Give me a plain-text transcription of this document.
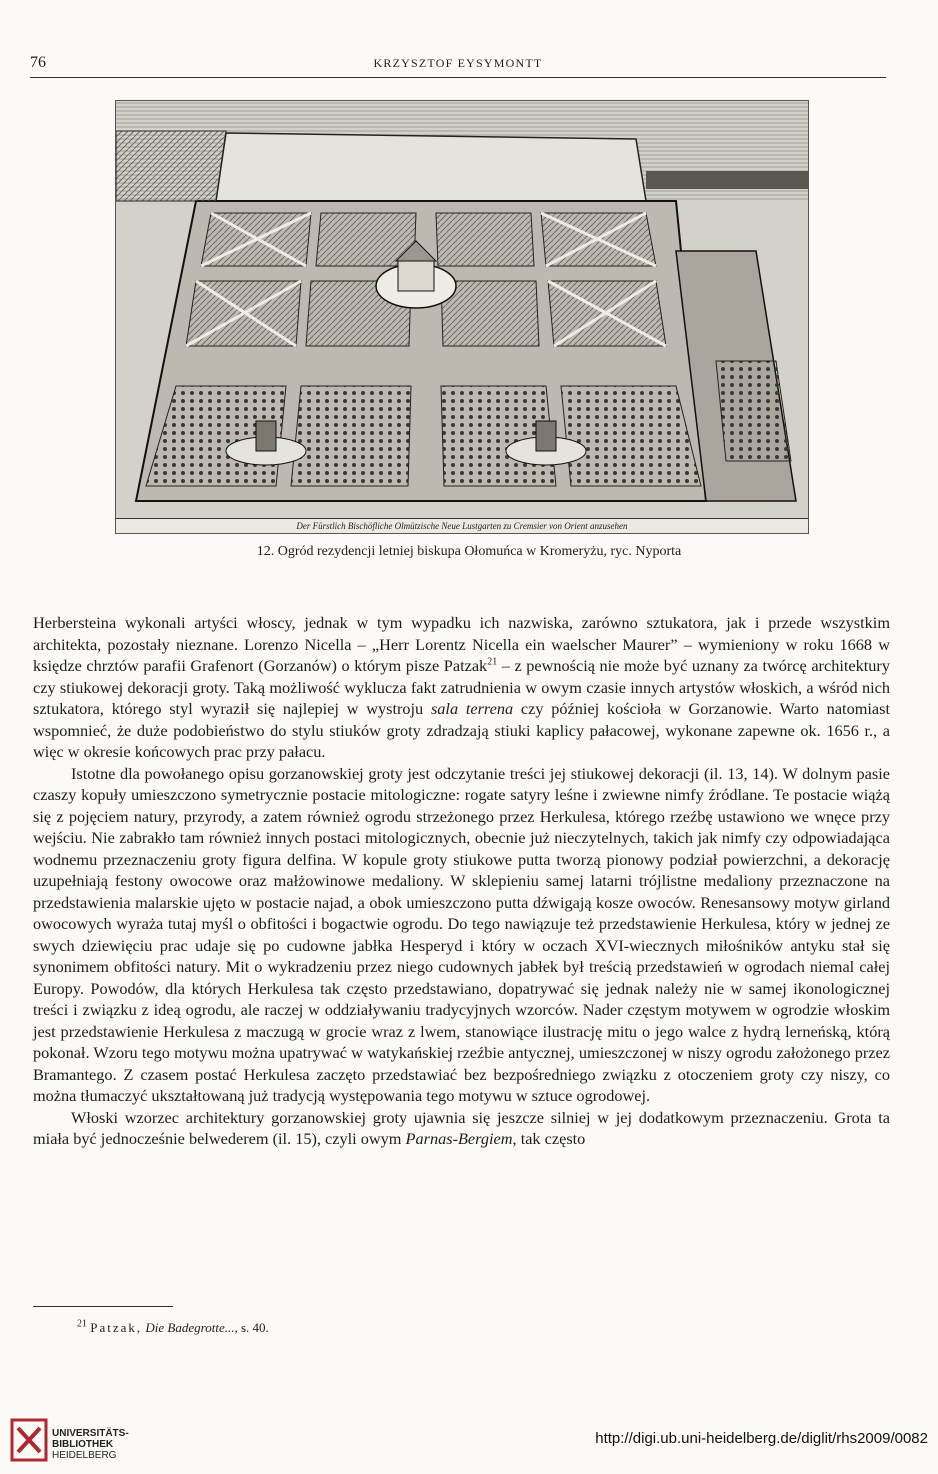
76	KRZYSZTOF EYSYMONTT
Der Fürstlich Bischöfliche Olmützische Neue Lustgarten zu Cremsier von Orient anzusehen
12. Ogród rezydencji letniej biskupa Ołomuńca w Kromeryżu, ryc. Nyporta

Herbersteina wykonali artyści włoscy, jednak w tym wypadku ich nazwiska, zarówno sztukatora, jak i przede wszystkim architekta, pozostały nieznane. Lorenzo Nicella – „Herr Lorentz Nicella ein waelscher Maurer” – wymieniony w roku 1668 w księdze chrztów parafii Grafenort (Gorzanów) o którym pisze Patzak$^{21}$ – z pewnością nie może być uznany za twórcę architektury czy stiukowej dekoracji groty. Taką możliwość wyklucza fakt zatrudnienia w owym czasie innych artystów włoskich, a wśród nich sztukatora, którego styl wyraził się najlepiej w wystroju sala terrena czy później kościoła w Gorzanowie. Warto natomiast wspomnieć, że duże podobieństwo do stylu stiuków groty zdradzają stiuki kaplicy pałacowej, wykonane zapewne ok. 1656 r., a więc w okresie końcowych prac przy pałacu.

Istotne dla powołanego opisu gorzanowskiej groty jest odczytanie treści jej stiukowej dekoracji (il. 13, 14). W dolnym pasie czaszy kopuły umieszczono symetrycznie postacie mitologiczne: rogate satyry leśne i zwiewne nimfy źródlane. Te postacie wiążą się z pojęciem natury, przyrody, a zatem również ogrodu strzeżonego przez Herkulesa, którego rzeźbę ustawiono we wnęce przy wejściu. Nie zabrakło tam również innych postaci mitologicznych, obecnie już nieczytelnych, takich jak nimfy czy odpowiadająca wodnemu przeznaczeniu groty figura delfina. W kopule groty stiukowe putta tworzą pionowy podział powierzchni, a dekorację uzupełniają festony owocowe oraz małżowinowe medaliony. W sklepieniu samej latarni trójlistne medaliony przeznaczone na przedstawienia malarskie ujęto w postacie najad, a obok umieszczono putta dźwigają kosze owoców. Renesansowy motyw girland owocowych wyraża tutaj myśl o obfitości i bogactwie ogrodu. Do tego nawiązuje też przedstawienie Herkulesa, który w jednej ze swych dziewięciu prac udaje się po cudowne jabłka Hesperyd i który w oczach XVI-wiecznych miłośników antyku stał się synonimem obfitości natury. Mit o wykradzeniu przez niego cudownych jabłek był treścią przedstawień w ogrodach niemal całej Europy. Powodów, dla których Herkulesa tak często przedstawiano, dopatrywać się jednak należy nie w samej ikonologicznej treści i związku z ideą ogrodu, ale raczej w oddziaływaniu tradycyjnych wzorców. Nader częstym motywem w ogrodzie włoskim jest przedstawienie Herkulesa z maczugą w grocie wraz z lwem, stanowiące ilustrację mitu o jego walce z hydrą lerneńską, którą pokonał. Wzoru tego motywu można upatrywać w watykańskiej rzeźbie antycznej, umieszczonej w niszy ogrodu założonego przez Bramantego. Z czasem postać Herkulesa zaczęto przedstawiać bez bezpośredniego związku z otoczeniem groty czy niszy, co można tłumaczyć ukształtowaną już tradycją występowania tego motywu w sztuce ogrodowej.

Włoski wzorzec architektury gorzanowskiej groty ujawnia się jeszcze silniej w jej dodatkowym przeznaczeniu. Grota ta miała być jednocześnie belwederem (il. 15), czyli owym Parnas-Bergiem, tak często

$^{21}$ Patzak, Die Badegrotte..., s. 40.
UNIVERSITÄTS-
BIBLIOTHEK
HEIDELBERG
http://digi.ub.uni-heidelberg.de/diglit/rhs2009/0082
